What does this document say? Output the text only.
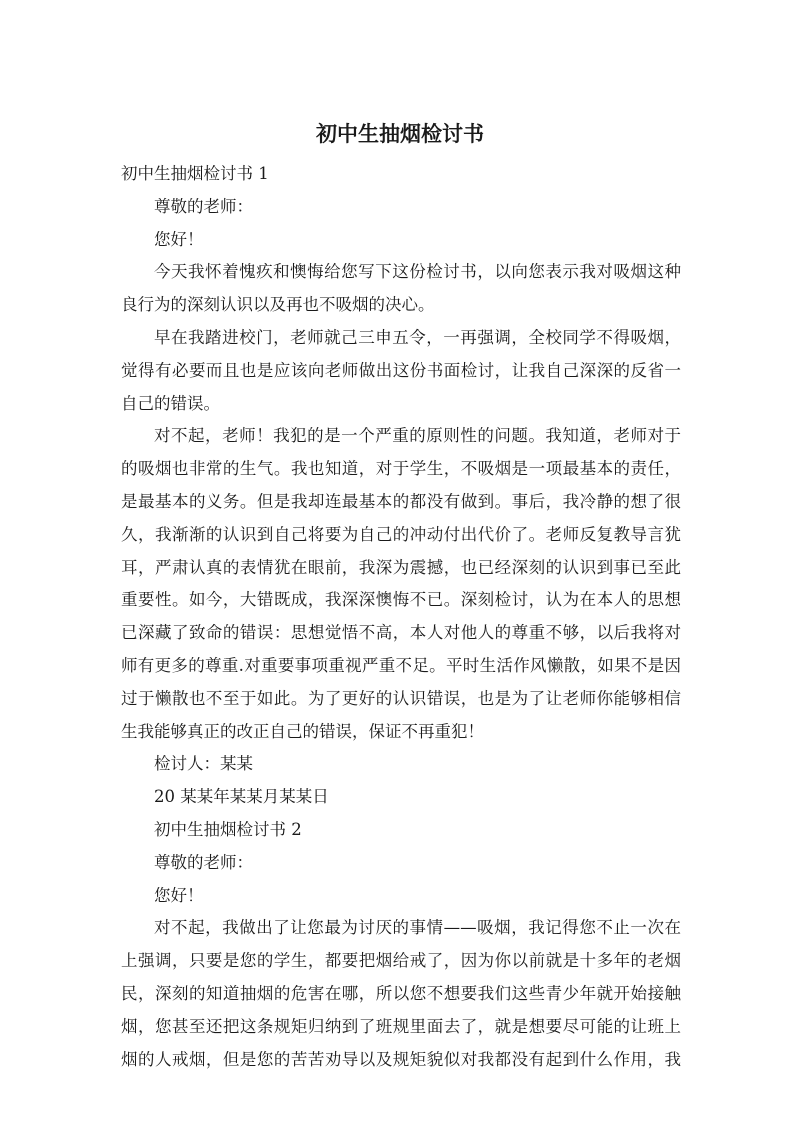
初中生抽烟检讨书
初中生抽烟检讨书 1
尊敬的老师：
您好！
今天我怀着愧疚和懊悔给您写下这份检讨书，以向您表示我对吸烟这种
良行为的深刻认识以及再也不吸烟的决心。
早在我踏进校门，老师就己三申五令，一再强调，全校同学不得吸烟，
觉得有必要而且也是应该向老师做出这份书面检讨，让我自己深深的反省一
自己的错误。
对不起，老师！我犯的是一个严重的原则性的问题。我知道，老师对于
的吸烟也非常的生气。我也知道，对于学生，不吸烟是一项最基本的责任，
是最基本的义务。但是我却连最基本的都没有做到。事后，我冷静的想了很
久，我渐渐的认识到自己将要为自己的冲动付出代价了。老师反复教导言犹
耳，严肃认真的表情犹在眼前，我深为震撼，也已经深刻的认识到事已至此
重要性。如今，大错既成，我深深懊悔不已。深刻检讨，认为在本人的思想
已深藏了致命的错误：思想觉悟不高，本人对他人的尊重不够，以后我将对
师有更多的尊重.对重要事项重视严重不足。平时生活作风懒散，如果不是因
过于懒散也不至于如此。为了更好的认识错误，也是为了让老师你能够相信
生我能够真正的改正自己的错误，保证不再重犯！
检讨人：某某
20 某某年某某月某某日
初中生抽烟检讨书 2
尊敬的老师：
您好！
对不起，我做出了让您最为讨厌的事情——吸烟，我记得您不止一次在
上强调，只要是您的学生，都要把烟给戒了，因为你以前就是十多年的老烟
民，深刻的知道抽烟的危害在哪，所以您不想要我们这些青少年就开始接触
烟，您甚至还把这条规矩归纳到了班规里面去了，就是想要尽可能的让班上
烟的人戒烟，但是您的苦苦劝导以及规矩貌似对我都没有起到什么作用，我
